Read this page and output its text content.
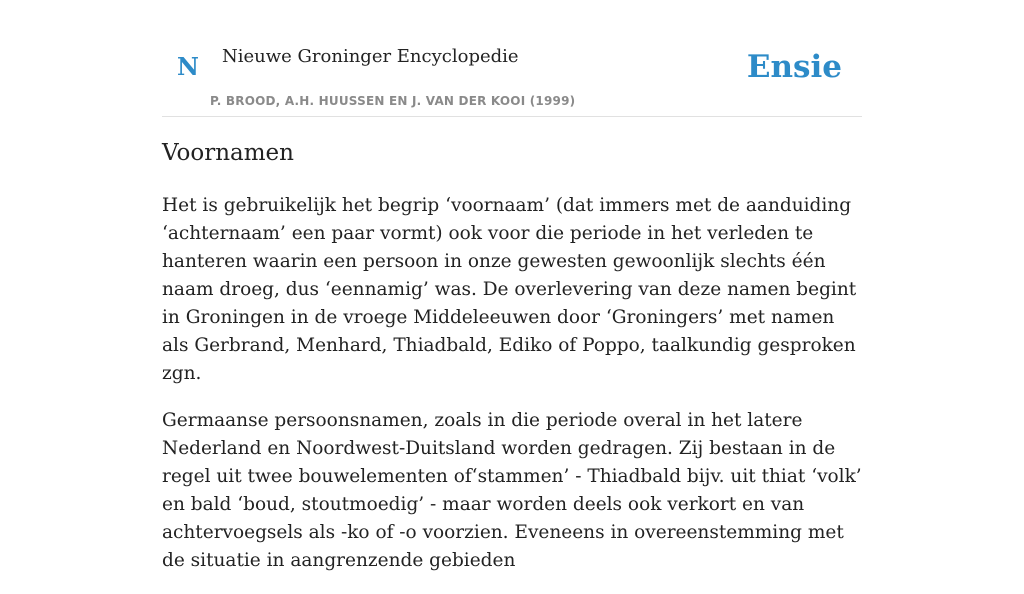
N Nieuwe Groninger Encyclopedie
P. BROOD, A.H. HUUSSEN EN J. VAN DER KOOI (1999)
Ensie
Voornamen

Het is gebruikelijk het begrip ‘voornaam’ (dat immers met de aanduiding ‘achternaam’ een paar vormt) ook voor die periode in het verleden te hanteren waarin een persoon in onze gewesten gewoonlijk slechts één naam droeg, dus ‘eennamig’ was. De overlevering van deze namen begint in Groningen in de vroege Middeleeuwen door ‘Groningers’ met namen als Gerbrand, Menhard, Thiadbald, Ediko of Poppo, taalkundig gesproken zgn.

Germaanse persoonsnamen, zoals in die periode overal in het latere Nederland en Noordwest-Duitsland worden gedragen. Zij bestaan in de regel uit twee bouwelementen of‘stammen’ - Thiadbald bijv. uit thiat ‘volk’ en bald ‘boud, stoutmoedig’ - maar worden deels ook verkort en van achtervoegsels als -ko of -o voorzien. Eveneens in overeenstemming met de situatie in aangrenzende gebieden
